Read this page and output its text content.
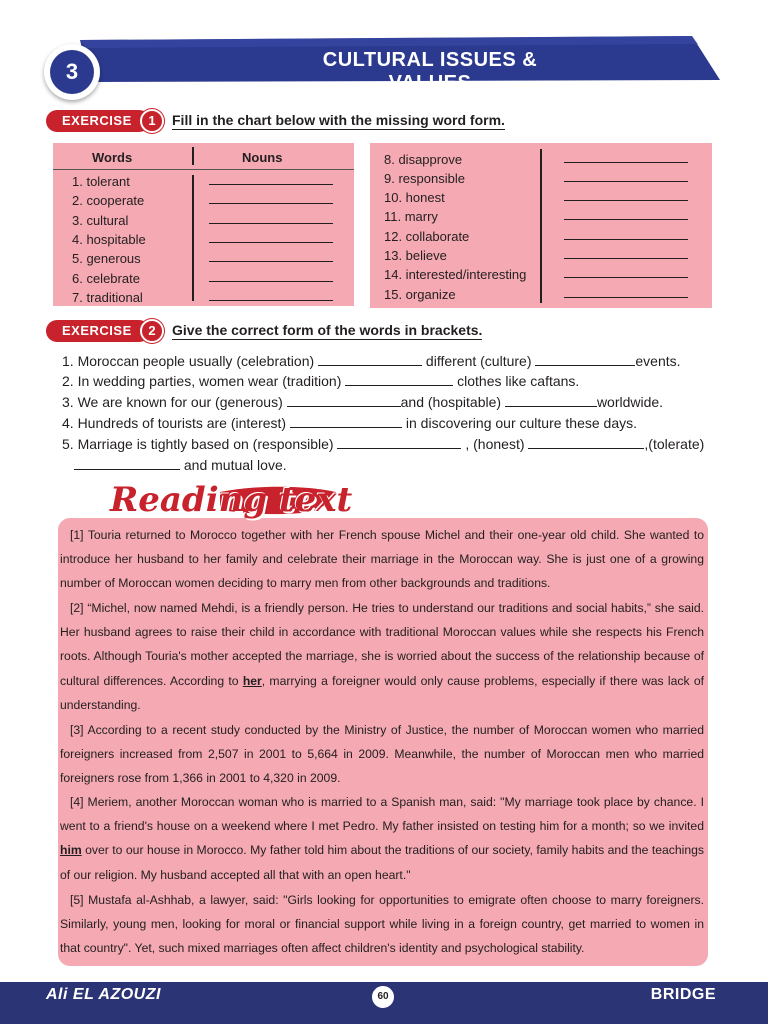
CULTURAL ISSUES & VALUES
3
EXERCISE	1	Fill in the chart below with the missing word form.
Words	Nouns
1. tolerant
2. cooperate
3. cultural
4. hospitable
5. generous
6. celebrate
7. traditional
8. disapprove
9. responsible
10. honest
11. marry
12. collaborate
13. believe
14. interested/interesting
15. organize
EXERCISE	2	Give the correct form of the words in brackets.
1. Moroccan people usually (celebration)	different (culture)	events.
2. In wedding parties, women wear (tradition)	clothes like caftans.
3. We are known for our (generous)	and (hospitable)	worldwide.
4. Hundreds of tourists are (interest)	in discovering our culture these days.
5. Marriage is tightly based on (responsible)	, (honest)	,(tolerate)
and mutual love.

[1] Touria returned to Morocco together with her French spouse Michel and their one-year old child. She wanted to introduce her husband to her family and celebrate their marriage in the Moroccan way. She is just one of a growing number of Moroccan women deciding to marry men from other backgrounds and traditions.

[2] “Michel, now named Mehdi, is a friendly person. He tries to understand our traditions and social habits,” she said. Her husband agrees to raise their child in accordance with traditional Moroccan values while she respects his French roots. Although Touria's mother accepted the marriage, she is worried about the success of the relationship because of cultural differences. According to her, marrying a foreigner would only cause problems, especially if there was lack of understanding.

[3] According to a recent study conducted by the Ministry of Justice, the number of Moroccan women who married foreigners increased from 2,507 in 2001 to 5,664 in 2009. Meanwhile, the number of Moroccan men who married foreigners rose from 1,366 in 2001 to 4,320 in 2009.

[4] Meriem, another Moroccan woman who is married to a Spanish man, said: "My marriage took place by chance. I went to a friend's house on a weekend where I met Pedro. My father insisted on testing him for a month; so we invited him over to our house in Morocco. My father told him about the traditions of our society, family habits and the teachings of our religion. My husband accepted all that with an open heart."

[5] Mustafa al-Ashhab, a lawyer, said: "Girls looking for opportunities to emigrate often choose to marry foreigners. Similarly, young men, looking for moral or financial support while living in a foreign country, get married to women in that country". Yet, such mixed marriages often affect children's identity and psychological stability.

Reading text
Ali EL AZOUZI	60	BRIDGE
